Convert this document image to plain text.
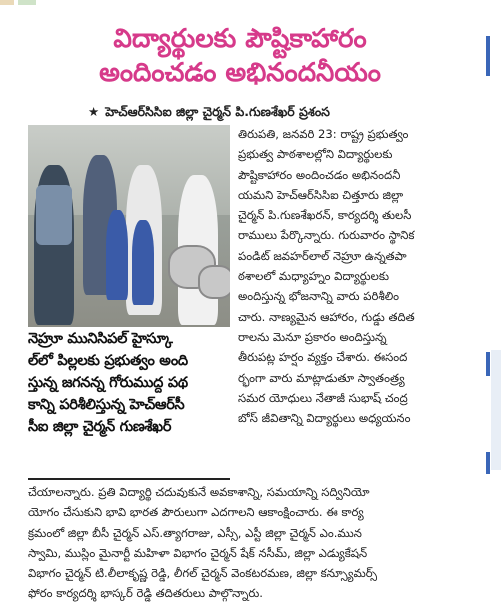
విద్యార్థులకు పౌష్టికాహారం
అందించడం అభినందనీయం
★ హెచ్‌ఆర్‌సిసిఐ జిల్లా చైర్మన్ పి.గుణశేఖర్ ప్రశంస
నెహ్రూ మునిసిపల్ హైస్కూ
ల్‌లో పిల్లలకు ప్రభుత్వం అంది
స్తున్న జగనన్న గోరుముద్ద పథ
కాన్ని పరిశీలిస్తున్న హెచ్‌ఆర్‌సీ
సీఐ జిల్లా చైర్మన్ గుణశేఖర్
తిరుపతి, జనవరి 23: రాష్ట్ర ప్రభుత్వం
ప్రభుత్వ పాఠశాలల్లోని విద్యార్థులకు
పౌష్టికాహారం అందించడం అభినందనీ
యమని హెచ్‌ఆర్‌సిసిఐ చిత్తూరు జిల్లా
చైర్మన్ పి.గుణశేఖరన్, కార్యదర్శి తులసీ
రాములు పేర్కొన్నారు. గురువారం స్థానిక
పండిట్ జవహర్‌లాల్ నెహ్రూ ఉన్నతపా
ఠశాలలో మధ్యాహ్నం విద్యార్థులకు
అందిస్తున్న భోజనాన్ని వారు పరిశీలిం
చారు. నాణ్యమైన ఆహారం, గుడ్డు తదిత
రాలను మెనూ ప్రకారం అందిస్తున్న
తీరుపట్ల హర్షం వ్యక్తం చేశారు. ఈసంద
ర్భంగా వారు మాట్లాడుతూ స్వాతంత్ర్య
సమర యోధులు నేతాజీ సుభాష్ చంద్ర
బోస్ జీవితాన్ని విద్యార్థులు అధ్యయనం
చేయాలన్నారు. ప్రతి విద్యార్థి చదువుకునే అవకాశాన్ని, సమయాన్ని సద్వినియో
యోగం చేసుకుని భావి భారత పౌరులుగా ఎదగాలని ఆకాంక్షించారు. ఈ కార్య
క్రమంలో జిల్లా బీసీ చైర్మన్ ఎస్.త్యాగరాజు, ఎస్సీ, ఎస్టీ జిల్లా చైర్మన్ ఎం.మున
స్వామి, ముస్లిం మైనార్టీ మహిళా విభాగం చైర్మన్ షేక్ నసీమ్, జిల్లా ఎడ్యుకేషన్
విభాగం చైర్మన్ టి.లీలాకృష్ణ రెడ్డి, లీగల్ చైర్మన్ వెంకటరమణ, జిల్లా కన్స్యూమర్స్
ఫోరం కార్యదర్శి భాస్కర్ రెడ్డి తదితరులు పాల్గొన్నారు.
